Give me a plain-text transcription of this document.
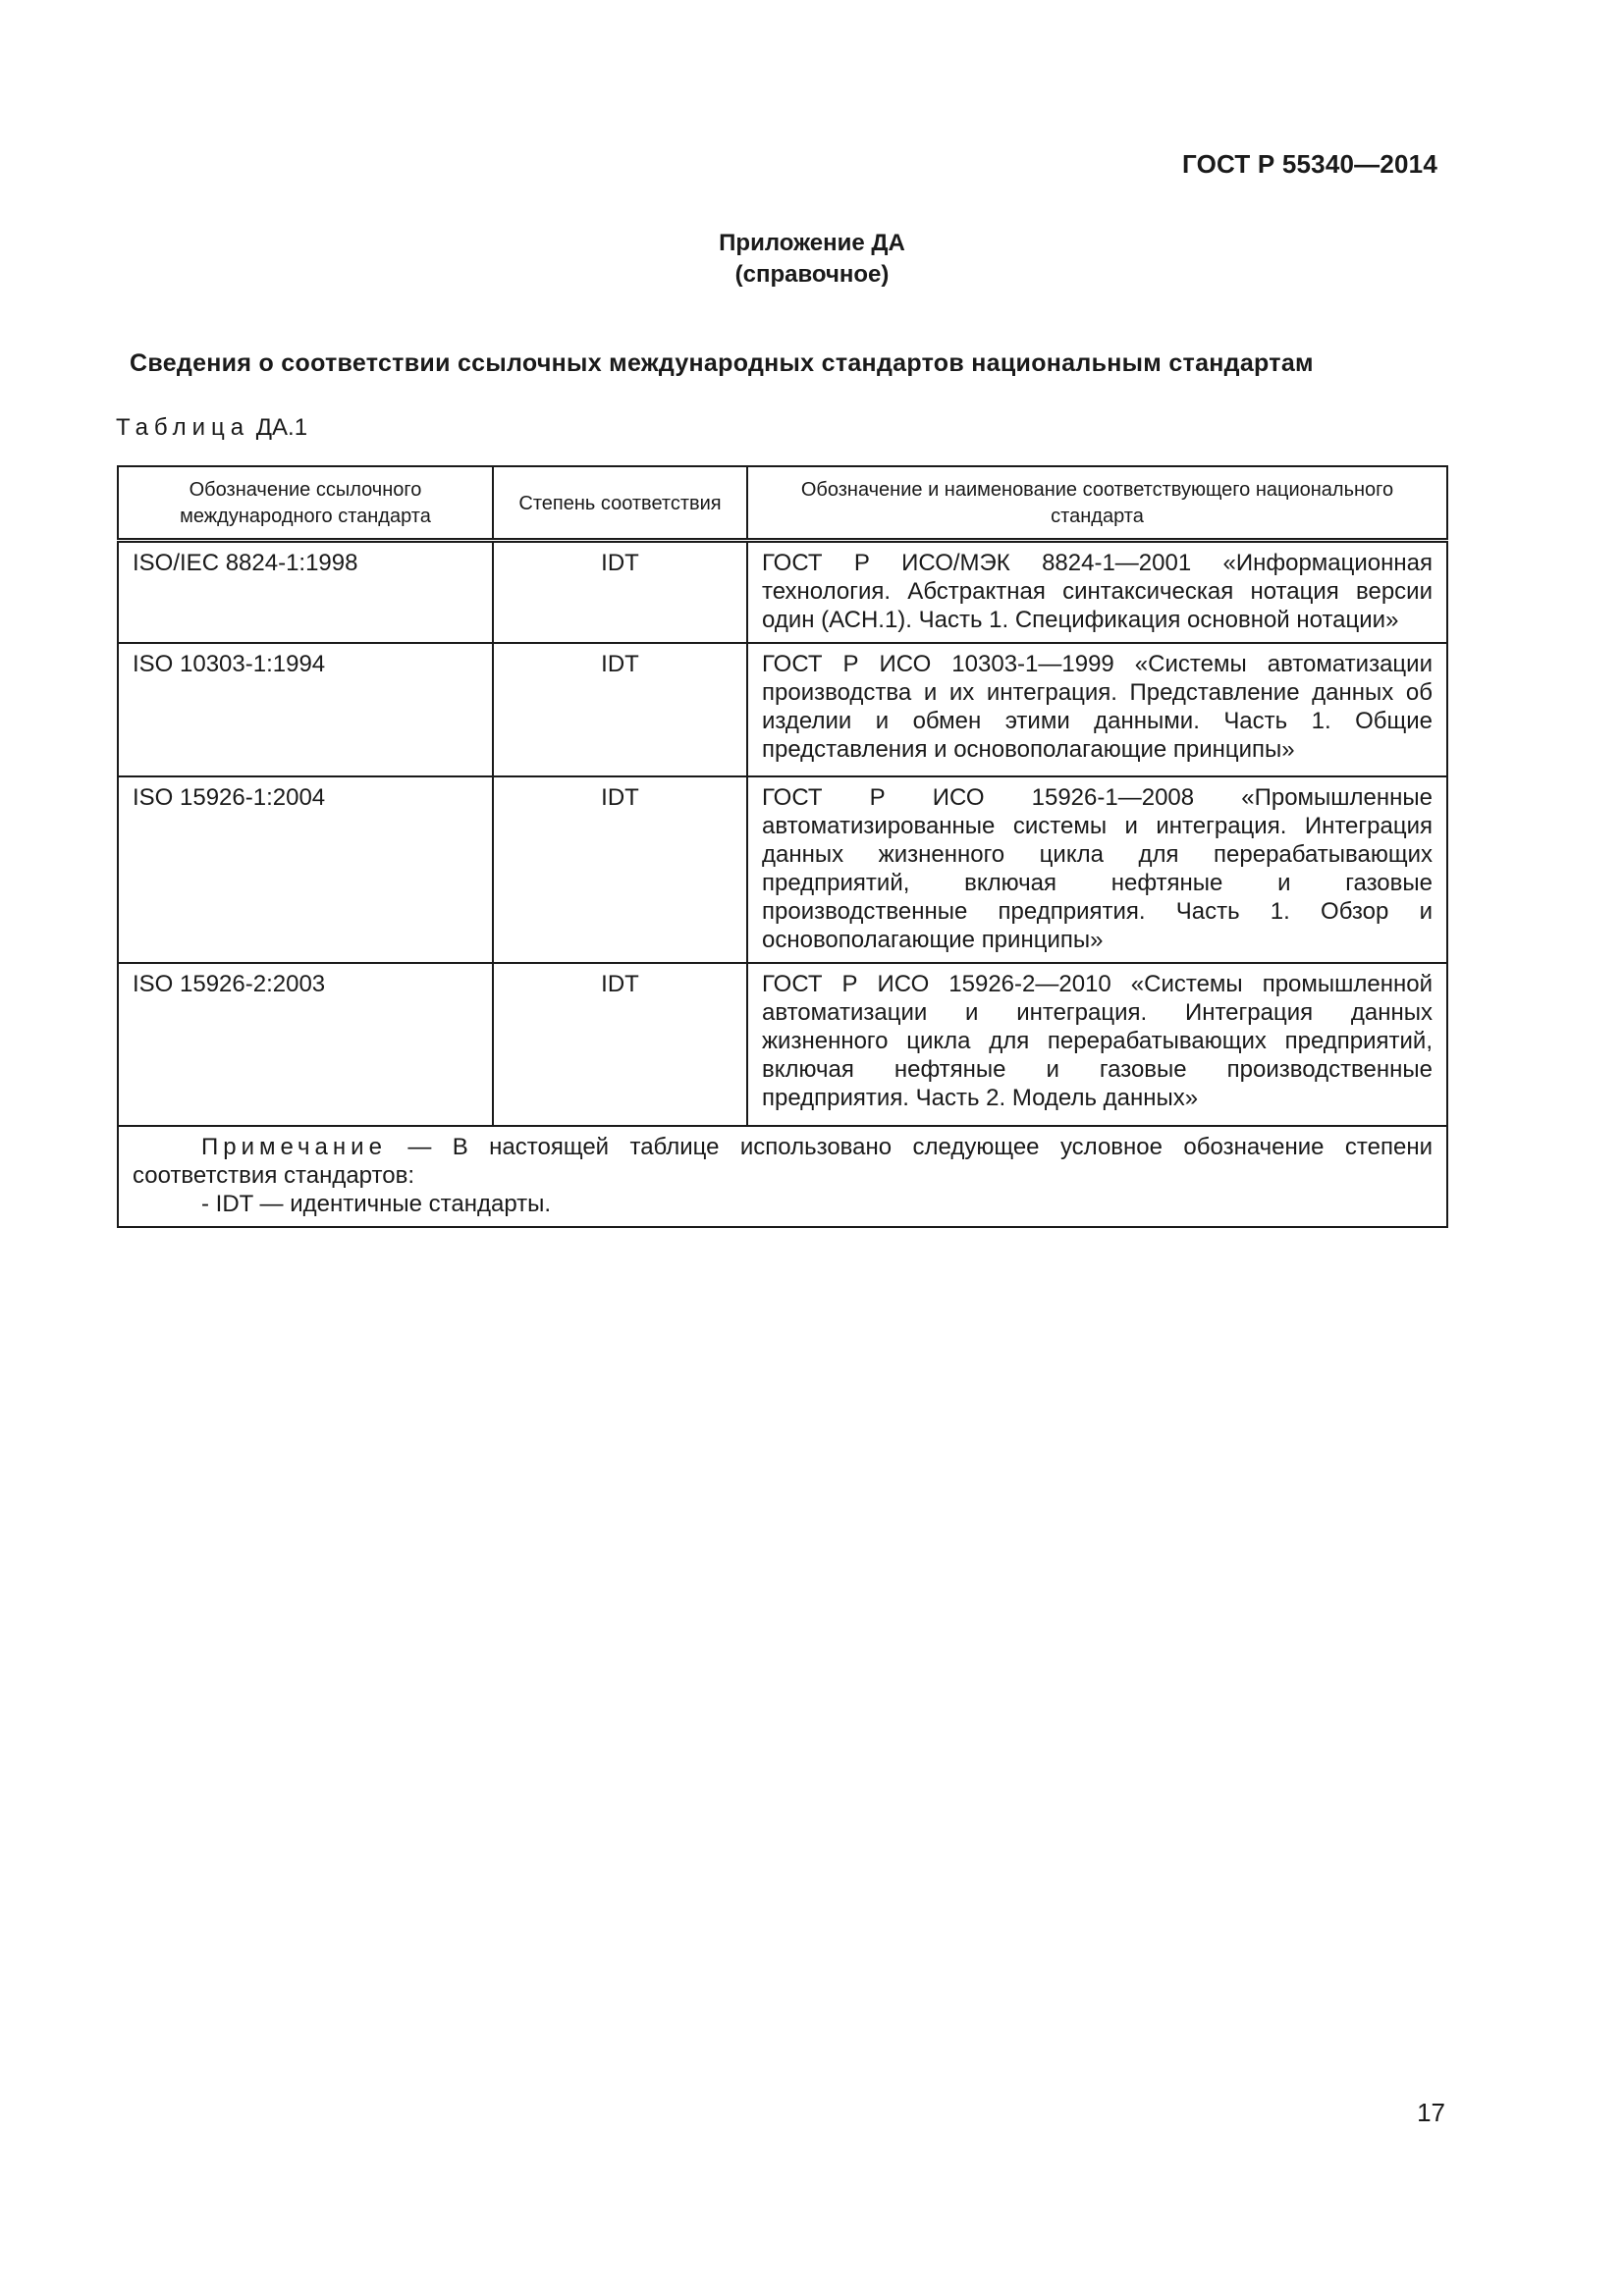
ГОСТ Р 55340—2014
Приложение ДА
(справочное)
Сведения о соответствии ссылочных международных стандартов национальным стандартам
Таблица ДА.1
Обозначение ссылочного международного стандарта	Степень соответствия	Обозначение и наименование соответствующего национального стандарта
ISO/IEC 8824-1:1998	IDT	ГОСТ Р ИСО/МЭК 8824-1—2001 «Информационная технология. Абстрактная синтаксическая нотация версии один (АСН.1). Часть 1. Спецификация основной нотации»
ISO 10303-1:1994	IDT	ГОСТ Р ИСО 10303-1—1999 «Системы автоматизации производства и их интеграция. Представление данных об изделии и обмен этими данными. Часть 1. Общие представления и основополагающие принципы»
ISO 15926-1:2004	IDT	ГОСТ Р ИСО 15926-1—2008 «Промышленные автоматизированные системы и интеграция. Интеграция данных жизненного цикла для перерабатывающих предприятий, включая нефтяные и газовые производственные предприятия. Часть 1. Обзор и основополагающие принципы»
ISO 15926-2:2003	IDT	ГОСТ Р ИСО 15926-2—2010 «Системы промышленной автоматизации и интеграция. Интеграция данных жизненного цикла для перерабатывающих предприятий, включая нефтяные и газовые производственные предприятия. Часть 2. Модель данных»

Примечание — В настоящей таблице использовано следующее условное обозначение степени соответствия стандартов:
- IDT — идентичные стандарты.		
17
